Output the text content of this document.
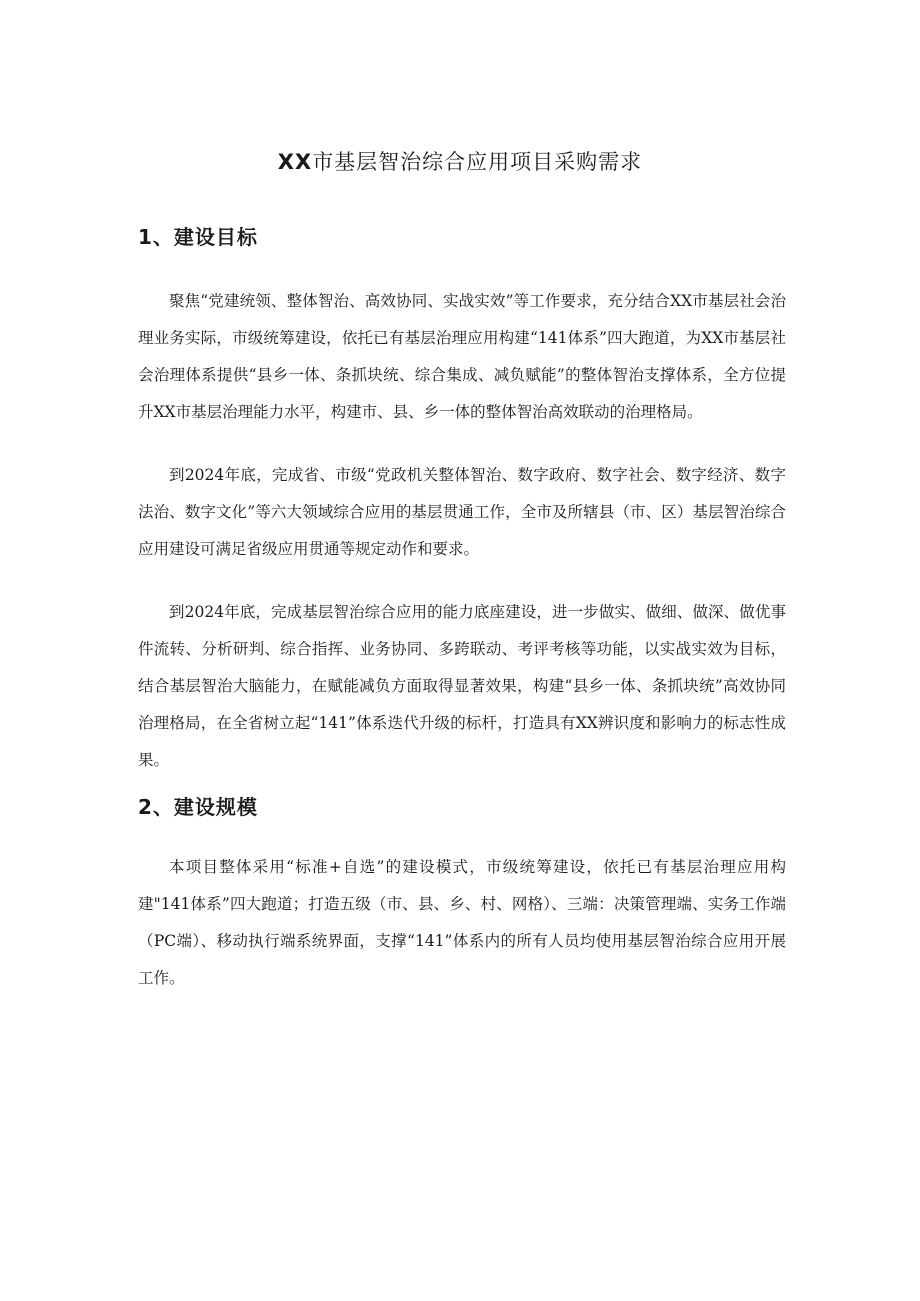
XX市基层智治综合应用项目采购需求
1、建设目标

聚焦“党建统领、整体智治、高效协同、实战实效”等工作要求，充分结合XX市基层社会治理业务实际，市级统筹建设，依托已有基层治理应用构建“141体系”四大跑道，为XX市基层社会治理体系提供“县乡一体、条抓块统、综合集成、减负赋能”的整体智治支撑体系，全方位提升XX市基层治理能力水平，构建市、县、乡一体的整体智治高效联动的治理格局。

到2024年底，完成省、市级“党政机关整体智治、数字政府、数字社会、数字经济、数字法治、数字文化”等六大领域综合应用的基层贯通工作，全市及所辖县（市、区）基层智治综合应用建设可满足省级应用贯通等规定动作和要求。

到2024年底，完成基层智治综合应用的能力底座建设，进一步做实、做细、做深、做优事件流转、分析研判、综合指挥、业务协同、多跨联动、考评考核等功能，以实战实效为目标，结合基层智治大脑能力，在赋能减负方面取得显著效果，构建“县乡一体、条抓块统”高效协同治理格局，在全省树立起“141”体系迭代升级的标杆，打造具有XX辨识度和影响力的标志性成果。

2、建设规模

本项目整体采用“标准+自选”的建设模式，市级统筹建设，依托已有基层治理应用构建"141体系”四大跑道；打造五级（市、县、乡、村、网格）、三端：决策管理端、实务工作端（PC端）、移动执行端系统界面，支撑“141”体系内的所有人员均使用基层智治综合应用开展工作。
